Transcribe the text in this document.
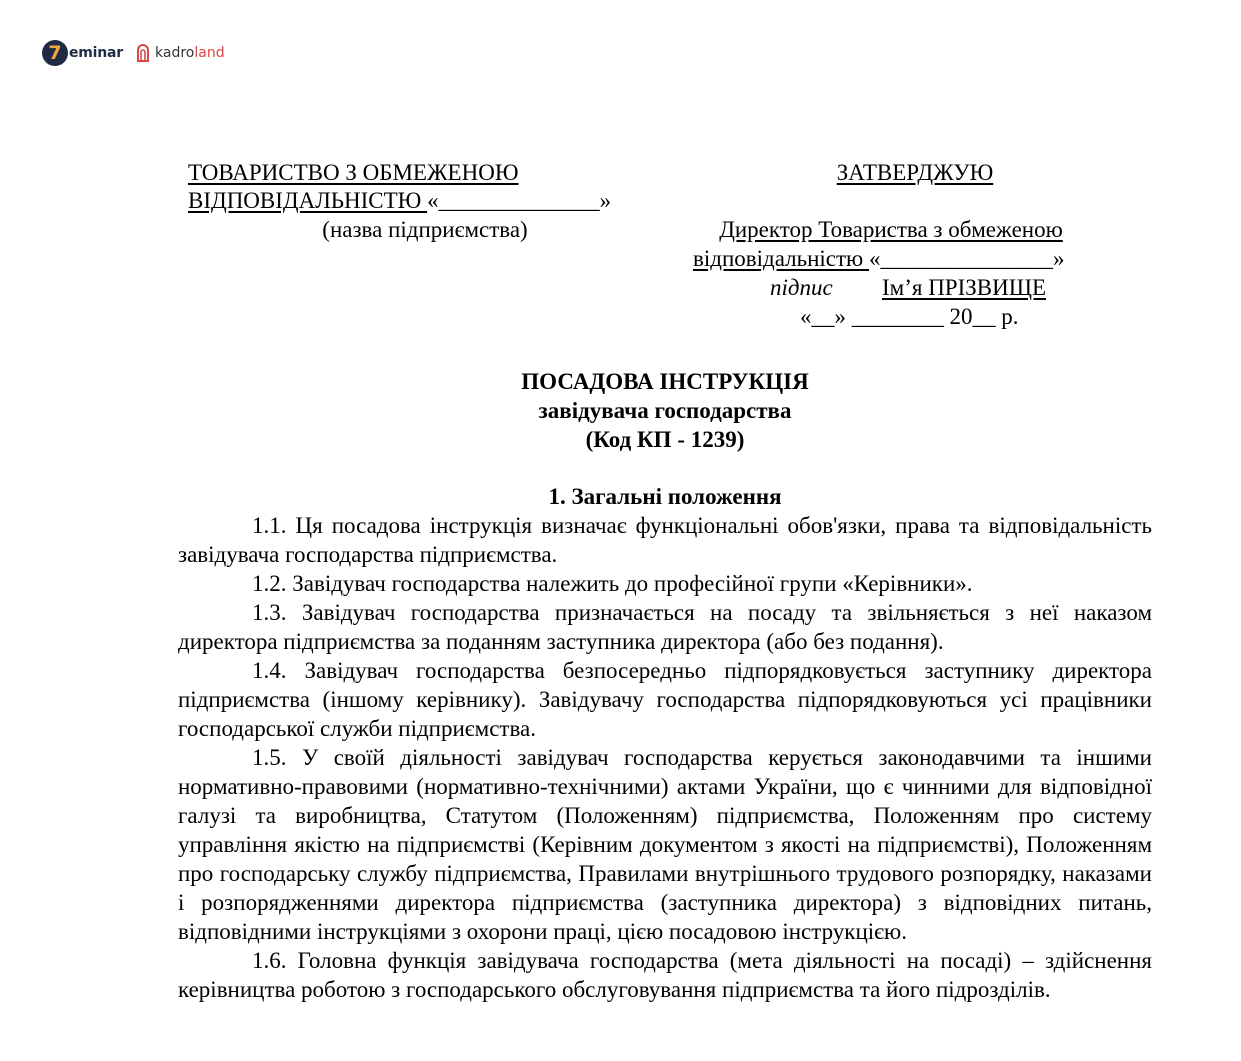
7 eminar kadroland
ТОВАРИСТВО З ОБМЕЖЕНОЮ
ВІДПОВІДАЛЬНІСТЮ «______________»
(назва підприємства)
ЗАТВЕРДЖУЮ
Директор Товариства з обмеженою
відповідальністю «_______________»
підпис Ім’я ПРІЗВИЩЕ
«__» ________ 20__ р.
ПОСАДОВА ІНСТРУКЦІЯ
завідувача господарства
(Код КП - 1239)
1. Загальні положення

1.1. Ця посадова інструкція визначає функціональні обов'язки, права та відповідальність завідувача господарства підприємства.

1.2. Завідувач господарства належить до професійної групи «Керівники».

1.3. Завідувач господарства призначається на посаду та звільняється з неї наказом директора підприємства за поданням заступника директора (або без подання).

1.4. Завідувач господарства безпосередньо підпорядковується заступнику директора підприємства (іншому керівнику). Завідувачу господарства підпорядковуються усі працівники господарської служби підприємства.

1.5. У своїй діяльності завідувач господарства керується законодавчими та іншими нормативно-правовими (нормативно-технічними) актами України, що є чинними для відповідної галузі та виробництва, Статутом (Положенням) підприємства, Положенням про систему управління якістю на підприємстві (Керівним документом з якості на підприємстві), Положенням про господарську службу підприємства, Правилами внутрішнього трудового розпорядку, наказами і розпорядженнями директора підприємства (заступника директора) з відповідних питань, відповідними інструкціями з охорони праці, цією посадовою інструкцією.

1.6. Головна функція завідувача господарства (мета діяльності на посаді) – здійснення керівництва роботою з господарського обслуговування підприємства та його підрозділів.
